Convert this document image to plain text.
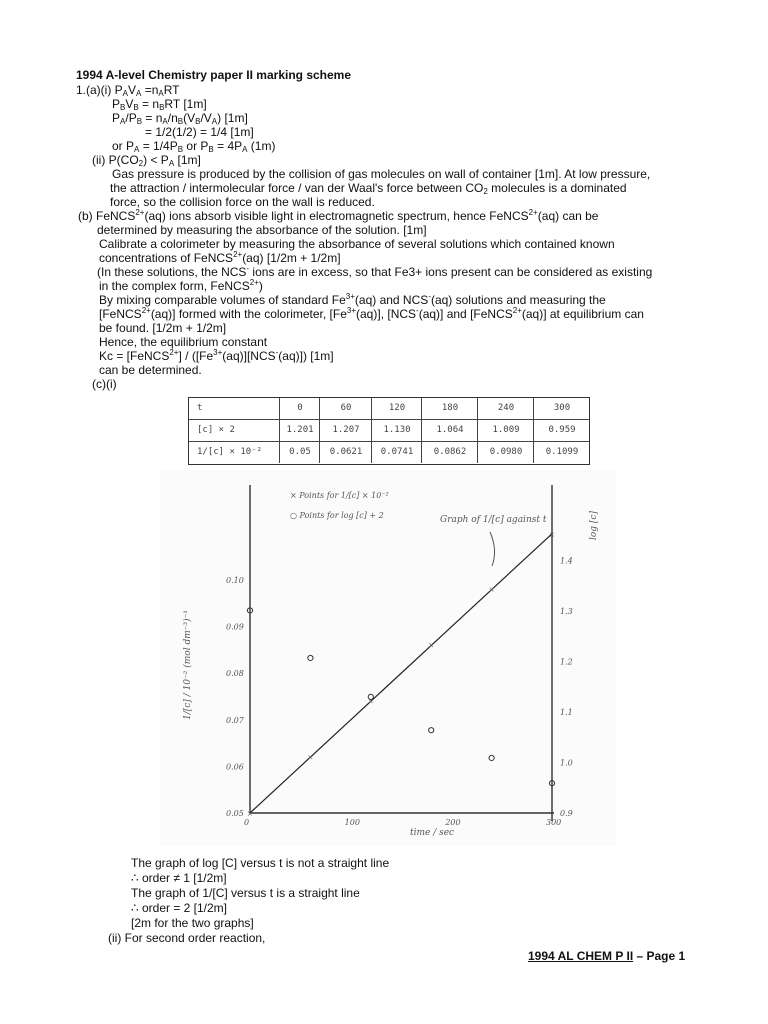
1994 A-level Chemistry paper II marking scheme
1.(a)(i) $P_AV_A =n_ART$
$P_BV_B = n_BRT$ [1m]
$P_A/P_B = n_A/n_B(V_B/V_A)$ [1m]
= 1/2(1/2) = 1/4 [1m]
or $P_A = 1/4P_B$ or $P_B = 4P_A$ (1m)
(ii) $P(CO_2) < P_A$ [1m]
Gas pressure is produced by the collision of gas molecules on wall of container [1m]. At low pressure,
the attraction / intermolecular force / van der Waal's force between $CO_2$ molecules is a dominated
force, so the collision force on the wall is reduced.
(b) FeNCS$^{2+}$(aq) ions absorb visible light in electromagnetic spectrum, hence FeNCS$^{2+}$(aq) can be
determined by measuring the absorbance of the solution. [1m]
Calibrate a colorimeter by measuring the absorbance of several solutions which contained known
concentrations of FeNCS$^{2+}$(aq) [1/2m + 1/2m]
(In these solutions, the NCS- ions are in excess, so that Fe3+ ions present can be considered as existing
in the complex form, FeNCS$^{2+}$)
By mixing comparable volumes of standard $Fe^{3+}(aq)$ and NCS-(aq) solutions and measuring the
[FeNCS$^{2+}$(aq)] formed with the colorimeter, $[Fe^{3+}(aq)]$, [NCS-(aq)] and [FeNCS$^{2+}$(aq)] at equilibrium can
be found. [1/2m + 1/2m]
Hence, the equilibrium constant
Kc = [FeNCS$^{2+}$] / $([Fe^{3+}(aq)][NCS^-(aq)])$ [1m]
can be determined.
(c)(i)
t	0	60	120	180	240	300
[c] × 2	1.201	1.207	1.130	1.064	1.009	0.959
1/[c] × 10⁻²	0.05	0.0621	0.0741	0.0862	0.0980	0.1099
0.05
0.06
0.07
0.08
0.09
0.10
0.9
1.0
1.1
1.2
1.3
1.4
0	100	200	300
time / sec
1/[c] / 10⁻² (mol dm⁻³)⁻¹
log [c]
× Points for 1/[c] × 10⁻²
○ Points for log [c] + 2	Graph of 1/[c] against t
×
×
×
×
×
×
The graph of log [C] versus t is not a straight line
∴ order ≠ 1 [1/2m]
The graph of 1/[C] versus t is a straight line
∴ order = 2 [1/2m]
[2m for the two graphs]
(ii) For second order reaction,
1994 AL CHEM P II – Page 1
